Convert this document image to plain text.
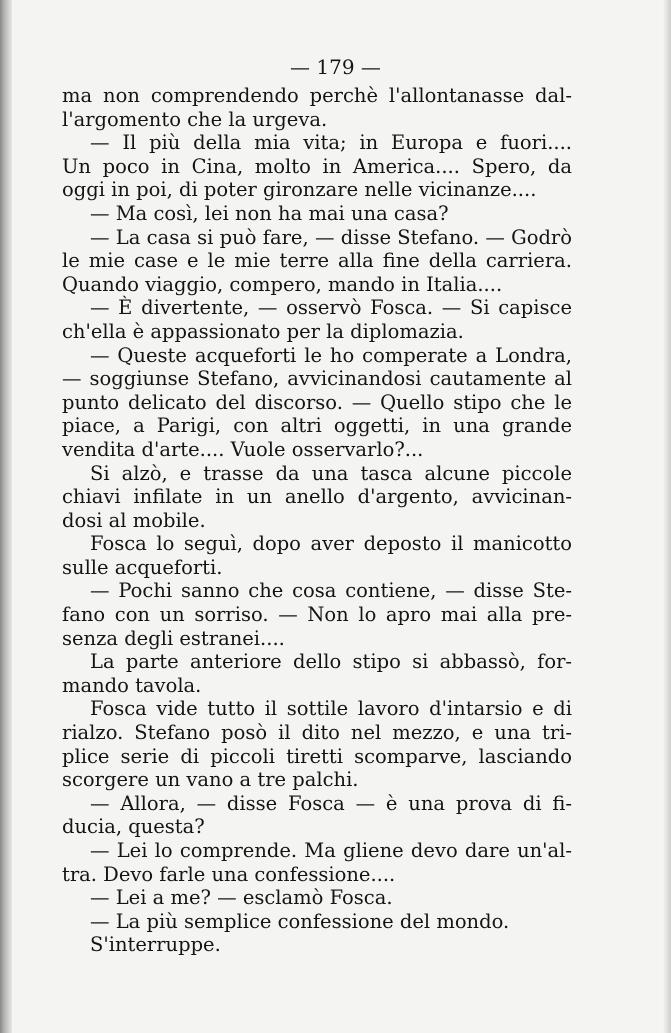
— 179 —
ma non comprendendo perchè l'allontanasse dal-
l'argomento che la urgeva.
— Il più della mia vita; in Europa e fuori....
Un poco in Cina, molto in America.... Spero, da
oggi in poi, di poter gironzare nelle vicinanze....
— Ma così, lei non ha mai una casa?
— La casa si può fare, — disse Stefano. — Godrò
le mie case e le mie terre alla fine della carriera.
Quando viaggio, compero, mando in Italia....
— È divertente, — osservò Fosca. — Si capisce
ch'ella è appassionato per la diplomazia.
— Queste acqueforti le ho comperate a Londra,
— soggiunse Stefano, avvicinandosi cautamente al
punto delicato del discorso. — Quello stipo che le
piace, a Parigi, con altri oggetti, in una grande
vendita d'arte.... Vuole osservarlo?...
Si alzò, e trasse da una tasca alcune piccole
chiavi infilate in un anello d'argento, avvicinan-
dosi al mobile.
Fosca lo seguì, dopo aver deposto il manicotto
sulle acqueforti.
— Pochi sanno che cosa contiene, — disse Ste-
fano con un sorriso. — Non lo apro mai alla pre-
senza degli estranei....
La parte anteriore dello stipo si abbassò, for-
mando tavola.
Fosca vide tutto il sottile lavoro d'intarsio e di
rialzo. Stefano posò il dito nel mezzo, e una tri-
plice serie di piccoli tiretti scomparve, lasciando
scorgere un vano a tre palchi.
— Allora, — disse Fosca — è una prova di fi-
ducia, questa?
— Lei lo comprende. Ma gliene devo dare un'al-
tra. Devo farle una confessione....
— Lei a me? — esclamò Fosca.
— La più semplice confessione del mondo.
S'interruppe.
